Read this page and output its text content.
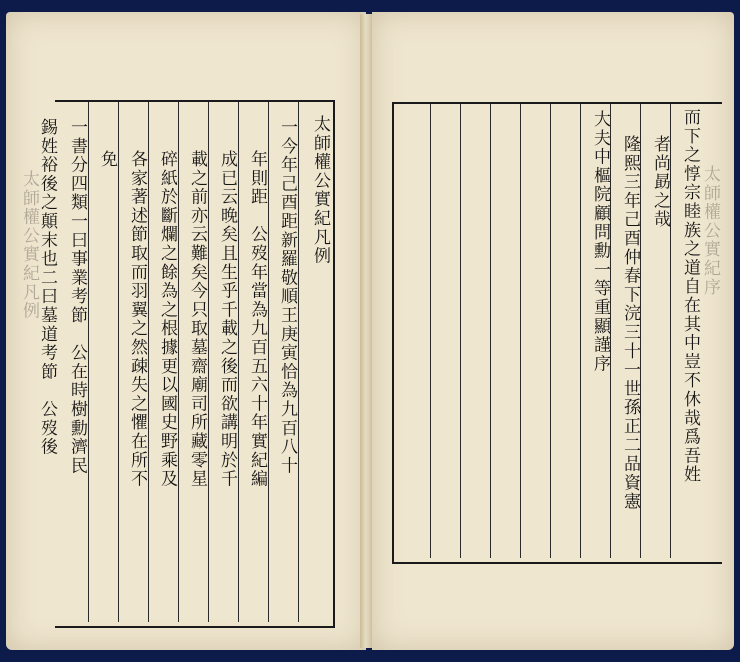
太師權公實紀凡例	太師權公實紀序
太師權公實紀凡例
一今年己酉距新羅敬順王庚寅恰為九百八十
年則距　公歿年當為九百五六十年實紀編
成已云晚矣且生乎千載之後而欲講明於千
載之前亦云難矣今只取墓齋廟司所藏零星
碎紙於斷爛之餘為之根據更以國史野乘及
各家著述節取而羽翼之然疎失之懼在所不
免
一書分四類一曰事業考節　公在時樹勳濟民
錫姓裕後之顛末也二曰墓道考節　公歿後	而下之惇宗睦族之道自在其中豈不休哉爲吾姓
者尚勗之哉
隆熙三年己酉仲春下浣三十一世孫正二品資憲
大夫中樞院顧問勳一等重顯謹序
